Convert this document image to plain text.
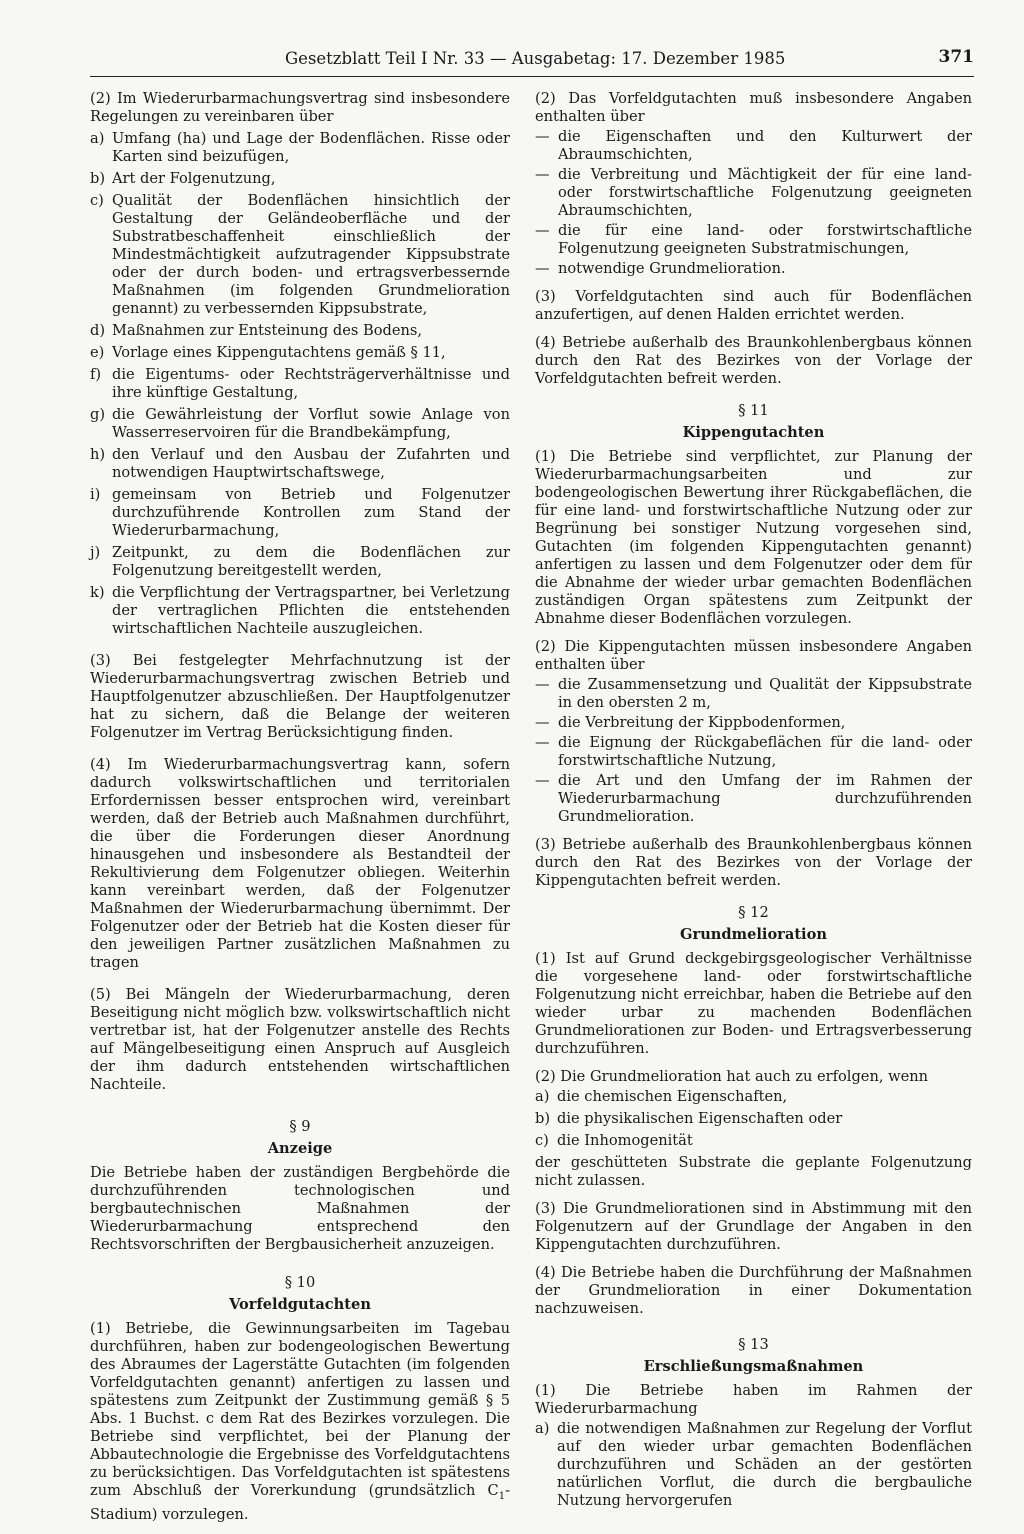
Gesetzblatt Teil I Nr. 33 — Ausgabetag: 17. Dezember 1985	371

(2) Im Wiederurbarmachungsvertrag sind insbesondere Regelungen zu vereinbaren über

a) Umfang (ha) und Lage der Bodenflächen. Risse oder Karten sind beizufügen,
b) Art der Folgenutzung,
c) Qualität der Bodenflächen hinsichtlich der Gestaltung der Geländeoberfläche und der Substratbeschaffenheit einschließlich der Mindestmächtigkeit aufzutragender Kippsubstrate oder der durch boden- und ertragsverbessernde Maßnahmen (im folgenden Grundmelioration genannt) zu verbessernden Kippsubstrate,
d) Maßnahmen zur Entsteinung des Bodens,
e) Vorlage eines Kippengutachtens gemäß § 11,
f) die Eigentums- oder Rechtsträgerverhältnisse und ihre künftige Gestaltung,
g) die Gewährleistung der Vorflut sowie Anlage von Wasserreservoiren für die Brandbekämpfung,
h) den Verlauf und den Ausbau der Zufahrten und notwendigen Hauptwirtschaftswege,
i) gemeinsam von Betrieb und Folgenutzer durchzuführende Kontrollen zum Stand der Wiederurbarmachung,
j) Zeitpunkt, zu dem die Bodenflächen zur Folgenutzung bereitgestellt werden,
k) die Verpflichtung der Vertragspartner, bei Verletzung der vertraglichen Pflichten die entstehenden wirtschaftlichen Nachteile auszugleichen.

(3) Bei festgelegter Mehrfachnutzung ist der Wiederurbarmachungsvertrag zwischen Betrieb und Hauptfolgenutzer abzuschließen. Der Hauptfolgenutzer hat zu sichern, daß die Belange der weiteren Folgenutzer im Vertrag Berücksichtigung finden.

(4) Im Wiederurbarmachungsvertrag kann, sofern dadurch volkswirtschaftlichen und territorialen Erfordernissen besser entsprochen wird, vereinbart werden, daß der Betrieb auch Maßnahmen durchführt, die über die Forderungen dieser Anordnung hinausgehen und insbesondere als Bestandteil der Rekultivierung dem Folgenutzer obliegen. Weiterhin kann vereinbart werden, daß der Folgenutzer Maßnahmen der Wiederurbarmachung übernimmt. Der Folgenutzer oder der Betrieb hat die Kosten dieser für den jeweiligen Partner zusätzlichen Maßnahmen zu tragen

(5) Bei Mängeln der Wiederurbarmachung, deren Beseitigung nicht möglich bzw. volkswirtschaftlich nicht vertretbar ist, hat der Folgenutzer anstelle des Rechts auf Mängelbeseitigung einen Anspruch auf Ausgleich der ihm dadurch entstehenden wirtschaftlichen Nachteile.

§ 9
Anzeige

Die Betriebe haben der zuständigen Bergbehörde die durchzuführenden technologischen und bergbautechnischen Maßnahmen der Wiederurbarmachung entsprechend den Rechtsvorschriften der Bergbausicherheit anzuzeigen.

§ 10
Vorfeldgutachten

(1) Betriebe, die Gewinnungsarbeiten im Tagebau durchführen, haben zur bodengeologischen Bewertung des Abraumes der Lagerstätte Gutachten (im folgenden Vorfeldgutachten genannt) anfertigen zu lassen und spätestens zum Zeitpunkt der Zustimmung gemäß § 5 Abs. 1 Buchst. c dem Rat des Bezirkes vorzulegen. Die Betriebe sind verpflichtet, bei der Planung der Abbautechnologie die Ergebnisse des Vorfeldgutachtens zu berücksichtigen. Das Vorfeldgutachten ist spätestens zum Abschluß der Vorerkundung (grundsätzlich $C_1-Stadium$) vorzulegen.

(2) Das Vorfeldgutachten muß insbesondere Angaben enthalten über

— die Eigenschaften und den Kulturwert der Abraumschichten,
— die Verbreitung und Mächtigkeit der für eine land- oder forstwirtschaftliche Folgenutzung geeigneten Abraumschichten,
— die für eine land- oder forstwirtschaftliche Folgenutzung geeigneten Substratmischungen,
— notwendige Grundmelioration.

(3) Vorfeldgutachten sind auch für Bodenflächen anzufertigen, auf denen Halden errichtet werden.

(4) Betriebe außerhalb des Braunkohlenbergbaus können durch den Rat des Bezirkes von der Vorlage der Vorfeldgutachten befreit werden.

§ 11
Kippengutachten

(1) Die Betriebe sind verpflichtet, zur Planung der Wiederurbarmachungsarbeiten und zur bodengeologischen Bewertung ihrer Rückgabeflächen, die für eine land- und forstwirtschaftliche Nutzung oder zur Begrünung bei sonstiger Nutzung vorgesehen sind, Gutachten (im folgenden Kippengutachten genannt) anfertigen zu lassen und dem Folgenutzer oder dem für die Abnahme der wieder urbar gemachten Bodenflächen zuständigen Organ spätestens zum Zeitpunkt der Abnahme dieser Bodenflächen vorzulegen.

(2) Die Kippengutachten müssen insbesondere Angaben enthalten über

— die Zusammensetzung und Qualität der Kippsubstrate in den obersten 2 m,
— die Verbreitung der Kippbodenformen,
— die Eignung der Rückgabeflächen für die land- oder forstwirtschaftliche Nutzung,
— die Art und den Umfang der im Rahmen der Wiederurbarmachung durchzuführenden Grundmelioration.

(3) Betriebe außerhalb des Braunkohlenbergbaus können durch den Rat des Bezirkes von der Vorlage der Kippengutachten befreit werden.

§ 12
Grundmelioration

(1) Ist auf Grund deckgebirgsgeologischer Verhältnisse die vorgesehene land- oder forstwirtschaftliche Folgenutzung nicht erreichbar, haben die Betriebe auf den wieder urbar zu machenden Bodenflächen Grundmeliorationen zur Boden- und Ertragsverbesserung durchzuführen.

(2) Die Grundmelioration hat auch zu erfolgen, wenn

a) die chemischen Eigenschaften,
b) die physikalischen Eigenschaften oder
c) die Inhomogenität

der geschütteten Substrate die geplante Folgenutzung nicht zulassen.

(3) Die Grundmeliorationen sind in Abstimmung mit den Folgenutzern auf der Grundlage der Angaben in den Kippengutachten durchzuführen.

(4) Die Betriebe haben die Durchführung der Maßnahmen der Grundmelioration in einer Dokumentation nachzuweisen.

§ 13
Erschließungsmaßnahmen

(1) Die Betriebe haben im Rahmen der Wiederurbarmachung

a) die notwendigen Maßnahmen zur Regelung der Vorflut auf den wieder urbar gemachten Bodenflächen durchzuführen und Schäden an der gestörten natürlichen Vorflut, die durch die bergbauliche Nutzung hervorgerufen
